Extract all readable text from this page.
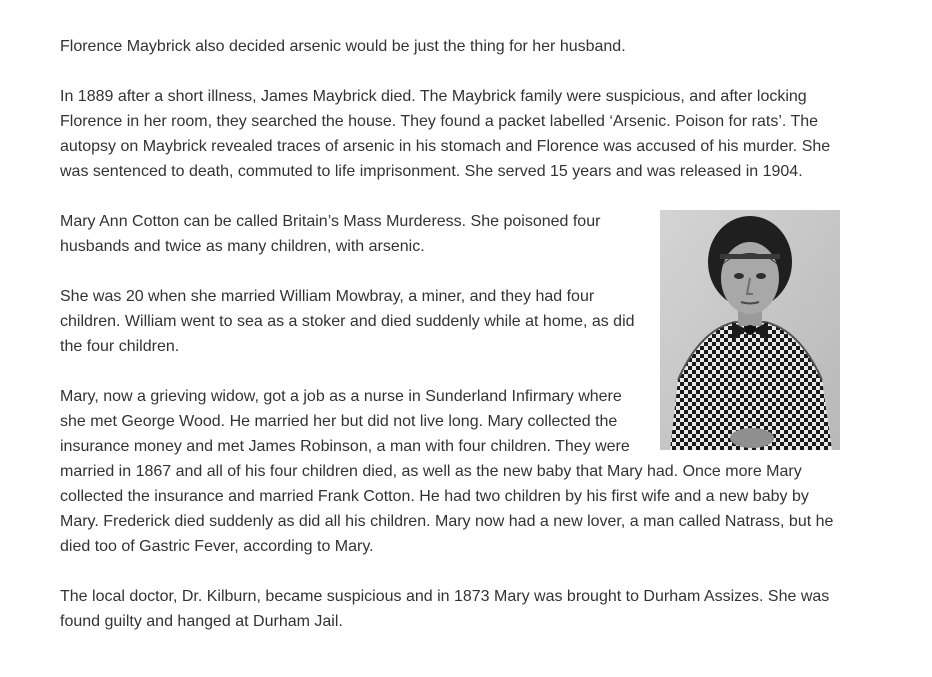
Florence Maybrick also decided arsenic would be just the thing for her husband.

In 1889 after a short illness, James Maybrick died. The Maybrick family were suspicious, and after locking Florence in her room, they searched the house. They found a packet labelled ‘Arsenic. Poison for rats’. The autopsy on Maybrick revealed traces of arsenic in his stomach and Florence was accused of his murder. She was sentenced to death, commuted to life imprisonment. She served 15 years and was released in 1904.

Mary Ann Cotton can be called Britain’s Mass Murderess. She poisoned four husbands and twice as many children, with arsenic.

She was 20 when she married William Mowbray, a miner, and they had four children. William went to sea as a stoker and died suddenly while at home, as did the four children.

Mary, now a grieving widow, got a job as a nurse in Sunderland Infirmary where she met George Wood. He married her but did not live long. Mary collected the insurance money and met James Robinson, a man with four children. They were married in 1867 and all of his four children died, as well as the new baby that Mary had. Once more Mary collected the insurance and married Frank Cotton. He had two children by his first wife and a new baby by Mary. Frederick died suddenly as did all his children. Mary now had a new lover, a man called Natrass, but he died too of Gastric Fever, according to Mary.

The local doctor, Dr. Kilburn, became suspicious and in 1873 Mary was brought to Durham Assizes. She was found guilty and hanged at Durham Jail.
